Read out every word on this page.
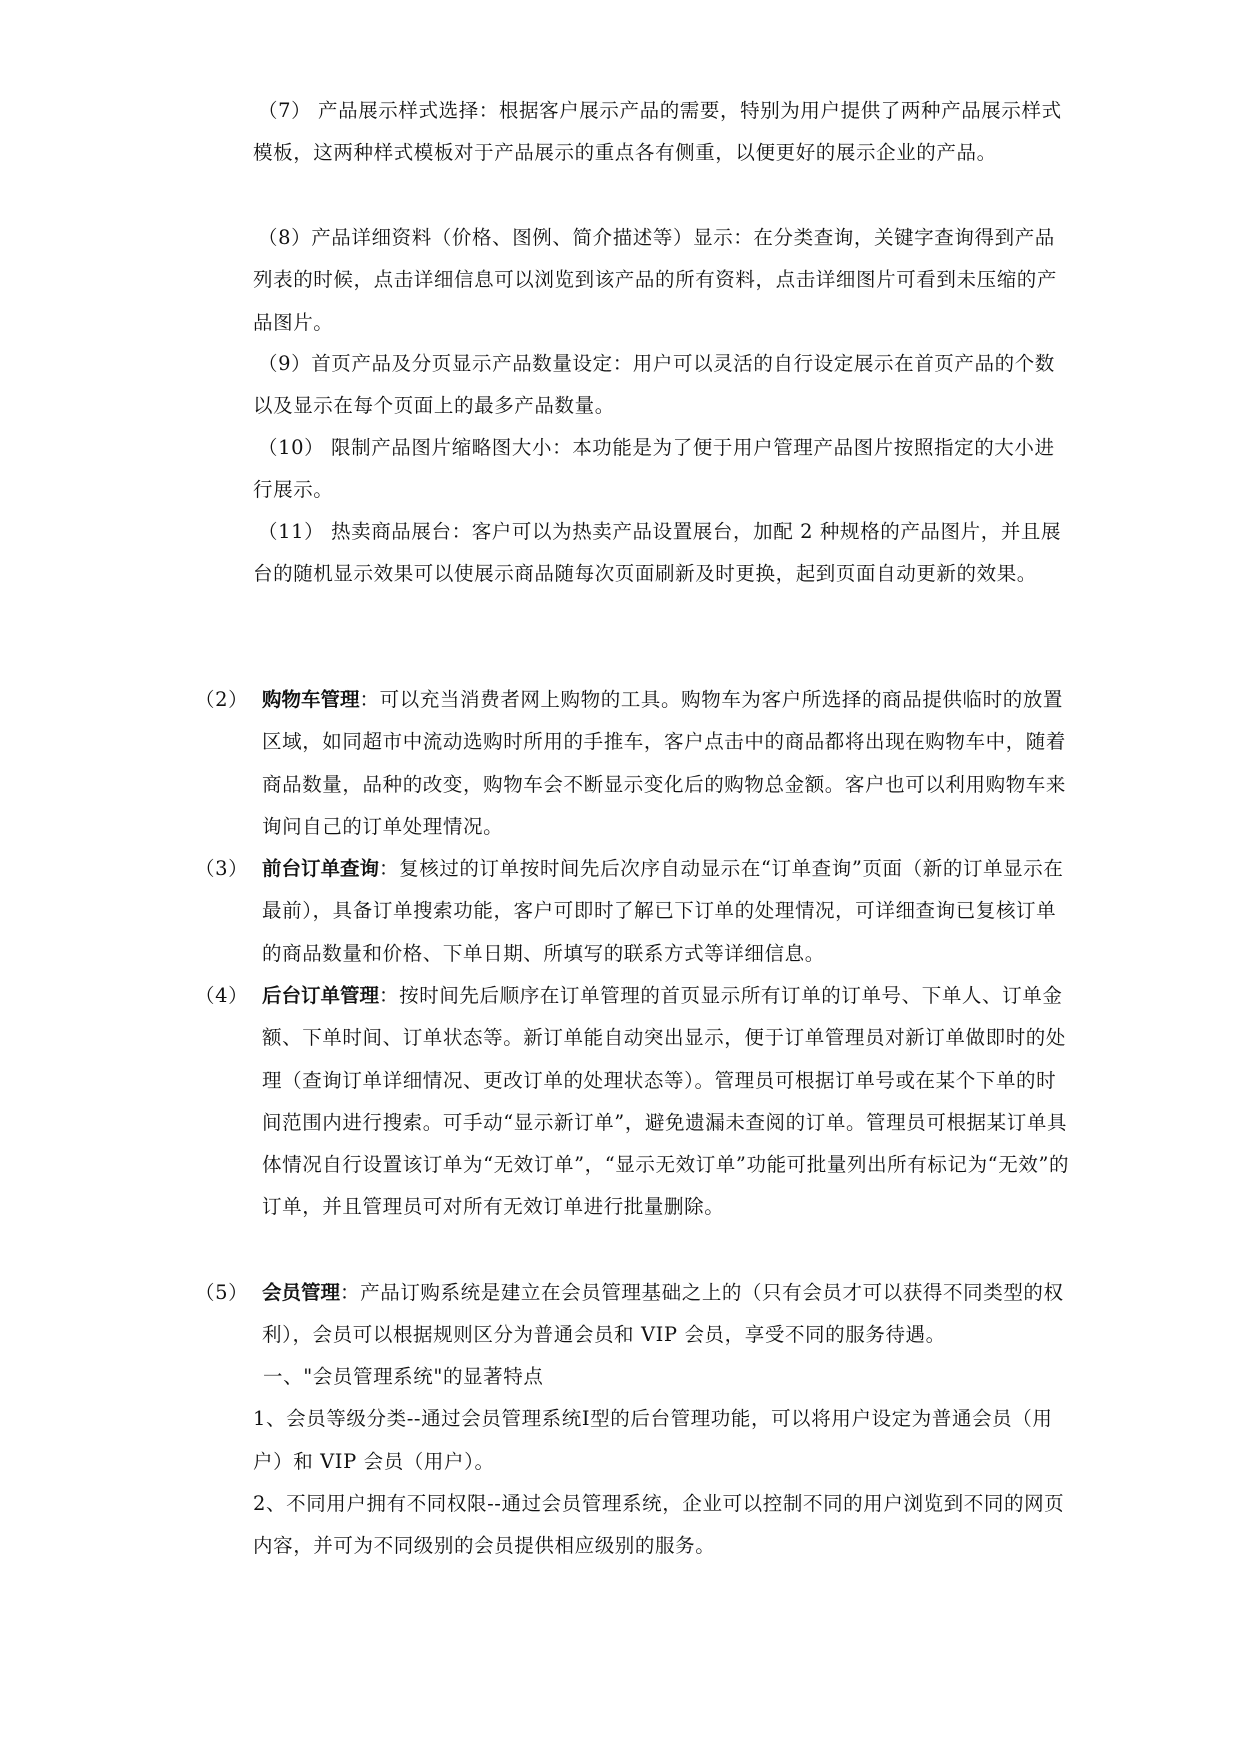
（7） 产品展示样式选择：根据客户展示产品的需要，特别为用户提供了两种产品展示样式模板，这两种样式模板对于产品展示的重点各有侧重，以便更好的展示企业的产品。

（8）产品详细资料（价格、图例、简介描述等）显示：在分类查询，关键字查询得到产品列表的时候，点击详细信息可以浏览到该产品的所有资料，点击详细图片可看到未压缩的产品图片。

（9）首页产品及分页显示产品数量设定：用户可以灵活的自行设定展示在首页产品的个数以及显示在每个页面上的最多产品数量。

（10） 限制产品图片缩略图大小：本功能是为了便于用户管理产品图片按照指定的大小进行展示。

（11） 热卖商品展台：客户可以为热卖产品设置展台，加配 2 种规格的产品图片，并且展台的随机显示效果可以使展示商品随每次页面刷新及时更换，起到页面自动更新的效果。

（2） 购物车管理：可以充当消费者网上购物的工具。购物车为客户所选择的商品提供临时的放置区域，如同超市中流动选购时所用的手推车，客户点击中的商品都将出现在购物车中，随着商品数量，品种的改变，购物车会不断显示变化后的购物总金额。客户也可以利用购物车来询问自己的订单处理情况。

（3） 前台订单查询：复核过的订单按时间先后次序自动显示在“订单查询”页面（新的订单显示在最前），具备订单搜索功能，客户可即时了解已下订单的处理情况，可详细查询已复核订单的商品数量和价格、下单日期、所填写的联系方式等详细信息。

（4） 后台订单管理：按时间先后顺序在订单管理的首页显示所有订单的订单号、下单人、订单金额、下单时间、订单状态等。新订单能自动突出显示，便于订单管理员对新订单做即时的处理（查询订单详细情况、更改订单的处理状态等）。管理员可根据订单号或在某个下单的时间范围内进行搜索。可手动“显示新订单”，避免遗漏未查阅的订单。管理员可根据某订单具体情况自行设置该订单为“无效订单”，“显示无效订单”功能可批量列出所有标记为“无效”的订单，并且管理员可对所有无效订单进行批量删除。

（5） 会员管理：产品订购系统是建立在会员管理基础之上的（只有会员才可以获得不同类型的权利），会员可以根据规则区分为普通会员和 VIP 会员，享受不同的服务待遇。

一、"会员管理系统"的显著特点

1、会员等级分类--通过会员管理系统Ⅰ型的后台管理功能，可以将用户设定为普通会员（用户）和 VIP 会员（用户）。

2、不同用户拥有不同权限--通过会员管理系统，企业可以控制不同的用户浏览到不同的网页内容，并可为不同级别的会员提供相应级别的服务。
